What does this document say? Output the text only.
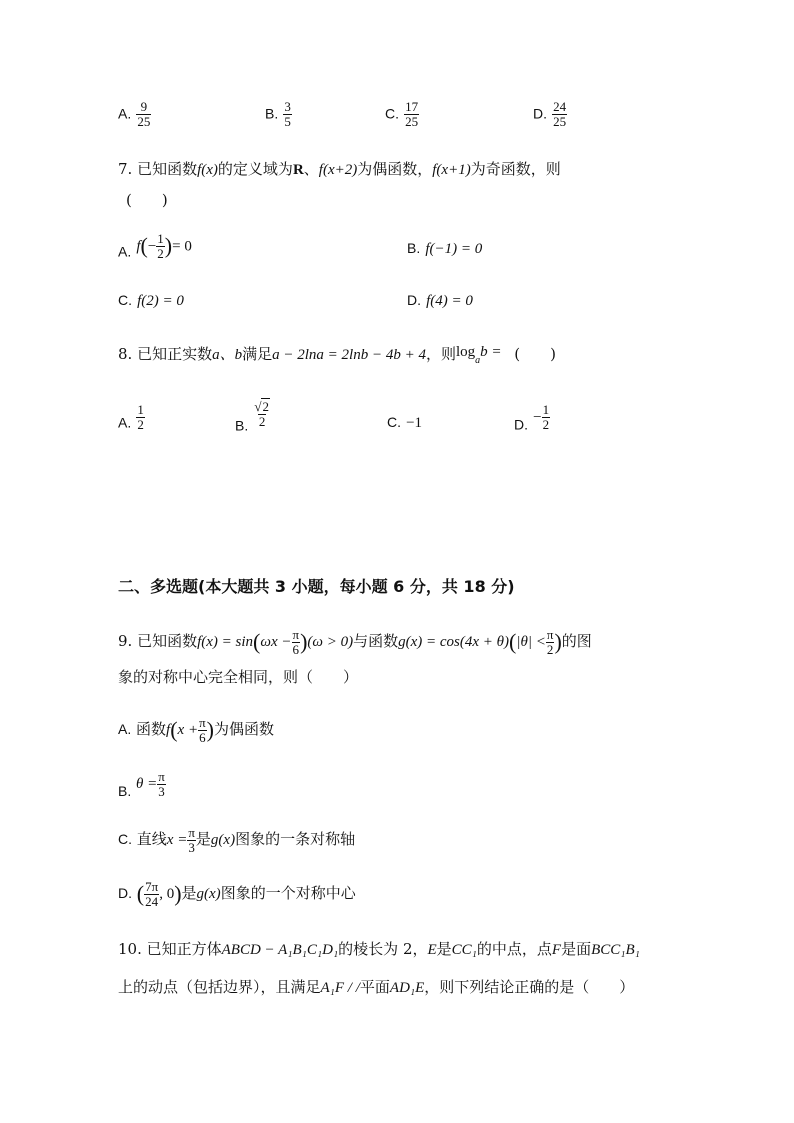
A. $\frac{9}{25}$	B. $\frac{3}{5}$	C. $\frac{17}{25}$	D. $\frac{24}{25}$
7. 已知函数f(x)的定义域为R、f(x+2)为偶函数，f(x+1)为奇函数，则
(　　)
A. $f(- \frac{1}{2}$ )= 0	B. f(−1) = 0
C. f(2) = 0	D. f(4) = 0
8. 已知正实数a、b满足a − 2lna = 2lnb − 4b + 4，则$\log_ab$ = (　　)
A. $\frac{1}{2}$	B. $\frac{√2}{2}$	C. −1	D. − $\frac{1}{2}$
二、多选题(本大题共 3 小题，每小题 6 分，共 18 分)
9. 已知函数$f(x) = \sin(\omega x - \frac{\pi}{6} )(\omega > 0)$与函数$g(x) = \cos(4x + \theta)(|\theta| < \frac{\pi}{2}$ )的图
象的对称中心完全相同，则（　　）
A. 函数$f(x + \frac{\pi}{6}$ )为偶函数
B. $\theta = \frac{\pi}{3}$
C. 直线$x = \frac{\pi}{3}$ 是g(x)图象的一条对称轴
D. ( $\frac{7\pi}{24}$ , 0)是g(x)图象的一个对称中心
10. 已知正方体ABCD − A₁B₁C₁D₁的棱长为 2，E是CC₁的中点，点F是面BCC₁B₁
上的动点（包括边界），且满足A₁F / /平面AD₁E，则下列结论正确的是（　　）
